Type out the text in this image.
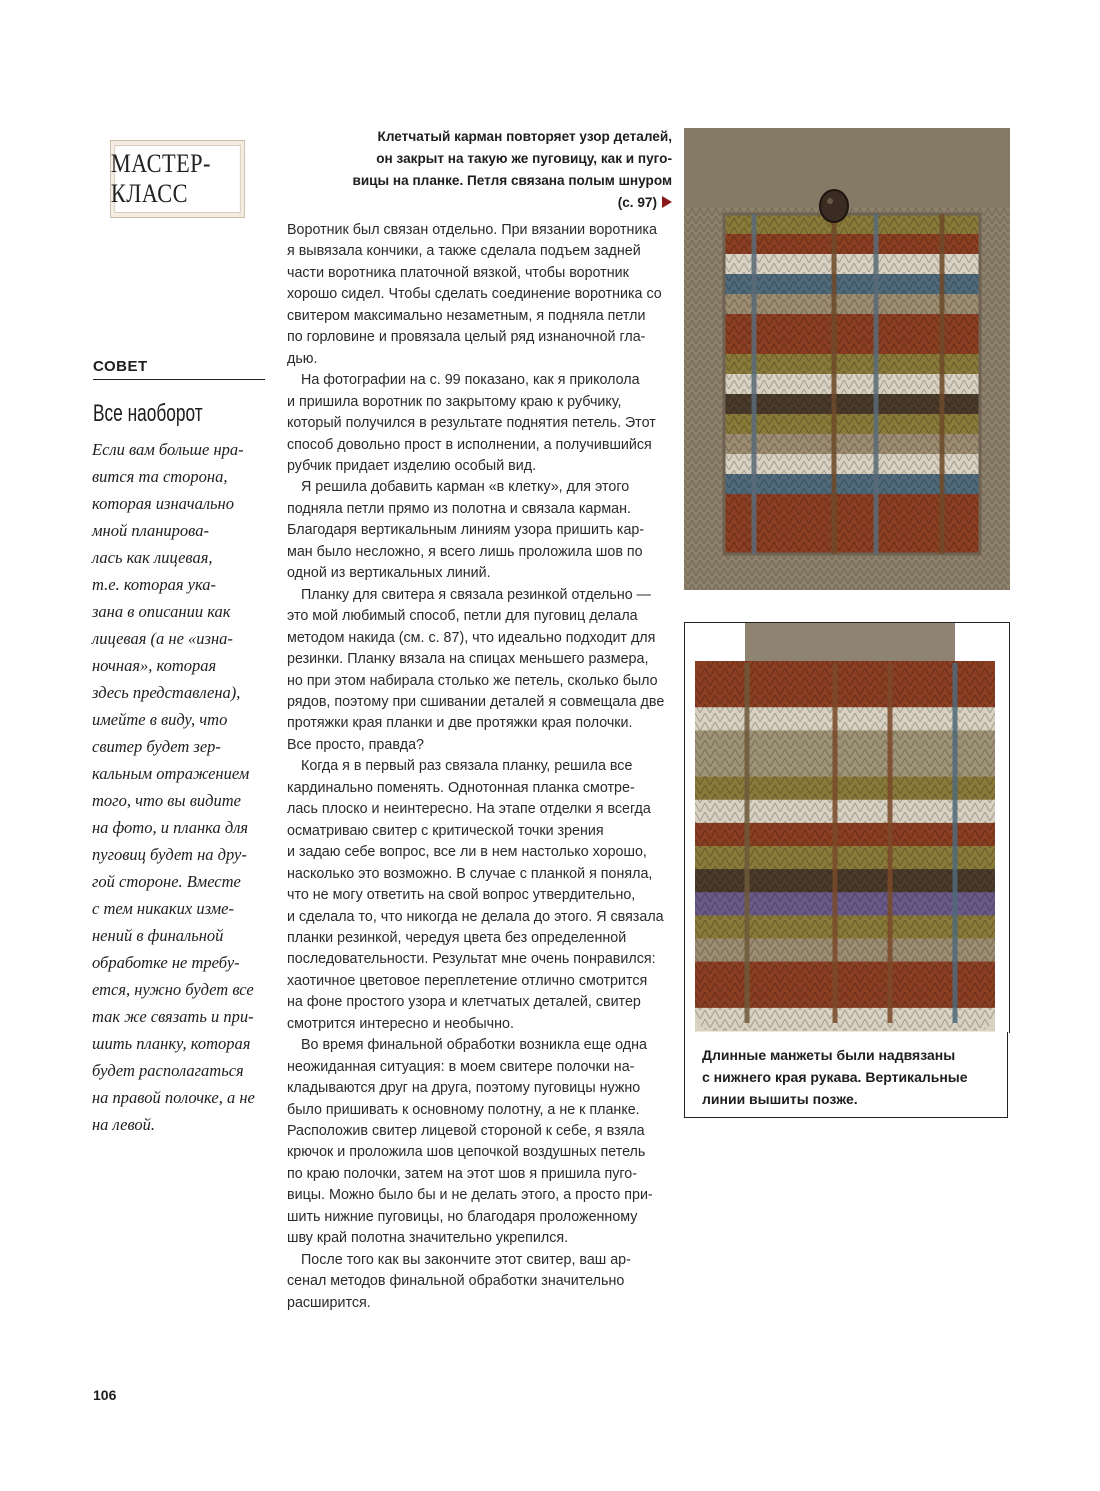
МАСТЕР-КЛАСС
СОВЕТ
Все наоборот
Если вам больше нра-
вится та сторона,
которая изначально
мной планирова-
лась как лицевая,
т.е. которая ука-
зана в описании как
лицевая (а не «изна-
ночная», которая
здесь представлена),
имейте в виду, что
свитер будет зер-
кальным отражением
того, что вы видите
на фото, и планка для
пуговиц будет на дру-
гой стороне. Вместе
с тем никаких изме-
нений в финальной
обработке не требу-
ется, нужно будет все
так же связать и при-
шить планку, которая
будет располагаться
на правой полочке, а не
на левой.
Клетчатый карман повторяет узор деталей,
он закрыт на такую же пуговицу, как и пуго-
вицы на планке. Петля связана полым шнуром
(с. 97)
Воротник был связан отдельно. При вязании воротника
я вывязала кончики, а также сделала подъем задней
части воротника платочной вязкой, чтобы воротник
хорошо сидел. Чтобы сделать соединение воротника со
свитером максимально незаметным, я подняла петли
по горловине и провязала целый ряд изнаночной гла-
дью.
На фотографии на с. 99 показано, как я приколола
и пришила воротник по закрытому краю к рубчику,
который получился в результате поднятия петель. Этот
способ довольно прост в исполнении, а получившийся
рубчик придает изделию особый вид.
Я решила добавить карман «в клетку», для этого
подняла петли прямо из полотна и связала карман.
Благодаря вертикальным линиям узора пришить кар-
ман было несложно, я всего лишь проложила шов по
одной из вертикальных линий.
Планку для свитера я связала резинкой отдельно —
это мой любимый способ, петли для пуговиц делала
методом накида (см. с. 87), что идеально подходит для
резинки. Планку вязала на спицах меньшего размера,
но при этом набирала столько же петель, сколько было
рядов, поэтому при сшивании деталей я совмещала две
протяжки края планки и две протяжки края полочки.
Все просто, правда?
Когда я в первый раз связала планку, решила все
кардинально поменять. Однотонная планка смотре-
лась плоско и неинтересно. На этапе отделки я всегда
осматриваю свитер с критической точки зрения
и задаю себе вопрос, все ли в нем настолько хорошо,
насколько это возможно. В случае с планкой я поняла,
что не могу ответить на свой вопрос утвердительно,
и сделала то, что никогда не делала до этого. Я связала
планки резинкой, чередуя цвета без определенной
последовательности. Результат мне очень понравился:
хаотичное цветовое переплетение отлично смотрится
на фоне простого узора и клетчатых деталей, свитер
смотрится интересно и необычно.
Во время финальной обработки возникла еще одна
неожиданная ситуация: в моем свитере полочки на-
кладываются друг на друга, поэтому пуговицы нужно
было пришивать к основному полотну, а не к планке.
Расположив свитер лицевой стороной к себе, я взяла
крючок и проложила шов цепочкой воздушных петель
по краю полочки, затем на этот шов я пришила пуго-
вицы. Можно было бы и не делать этого, а просто при-
шить нижние пуговицы, но благодаря проложенному
шву край полотна значительно укрепился.
После того как вы закончите этот свитер, ваш ар-
сенал методов финальной обработки значительно
расширится.
Длинные манжеты были надвязаны
с нижнего края рукава. Вертикальные
линии вышиты позже.
106
